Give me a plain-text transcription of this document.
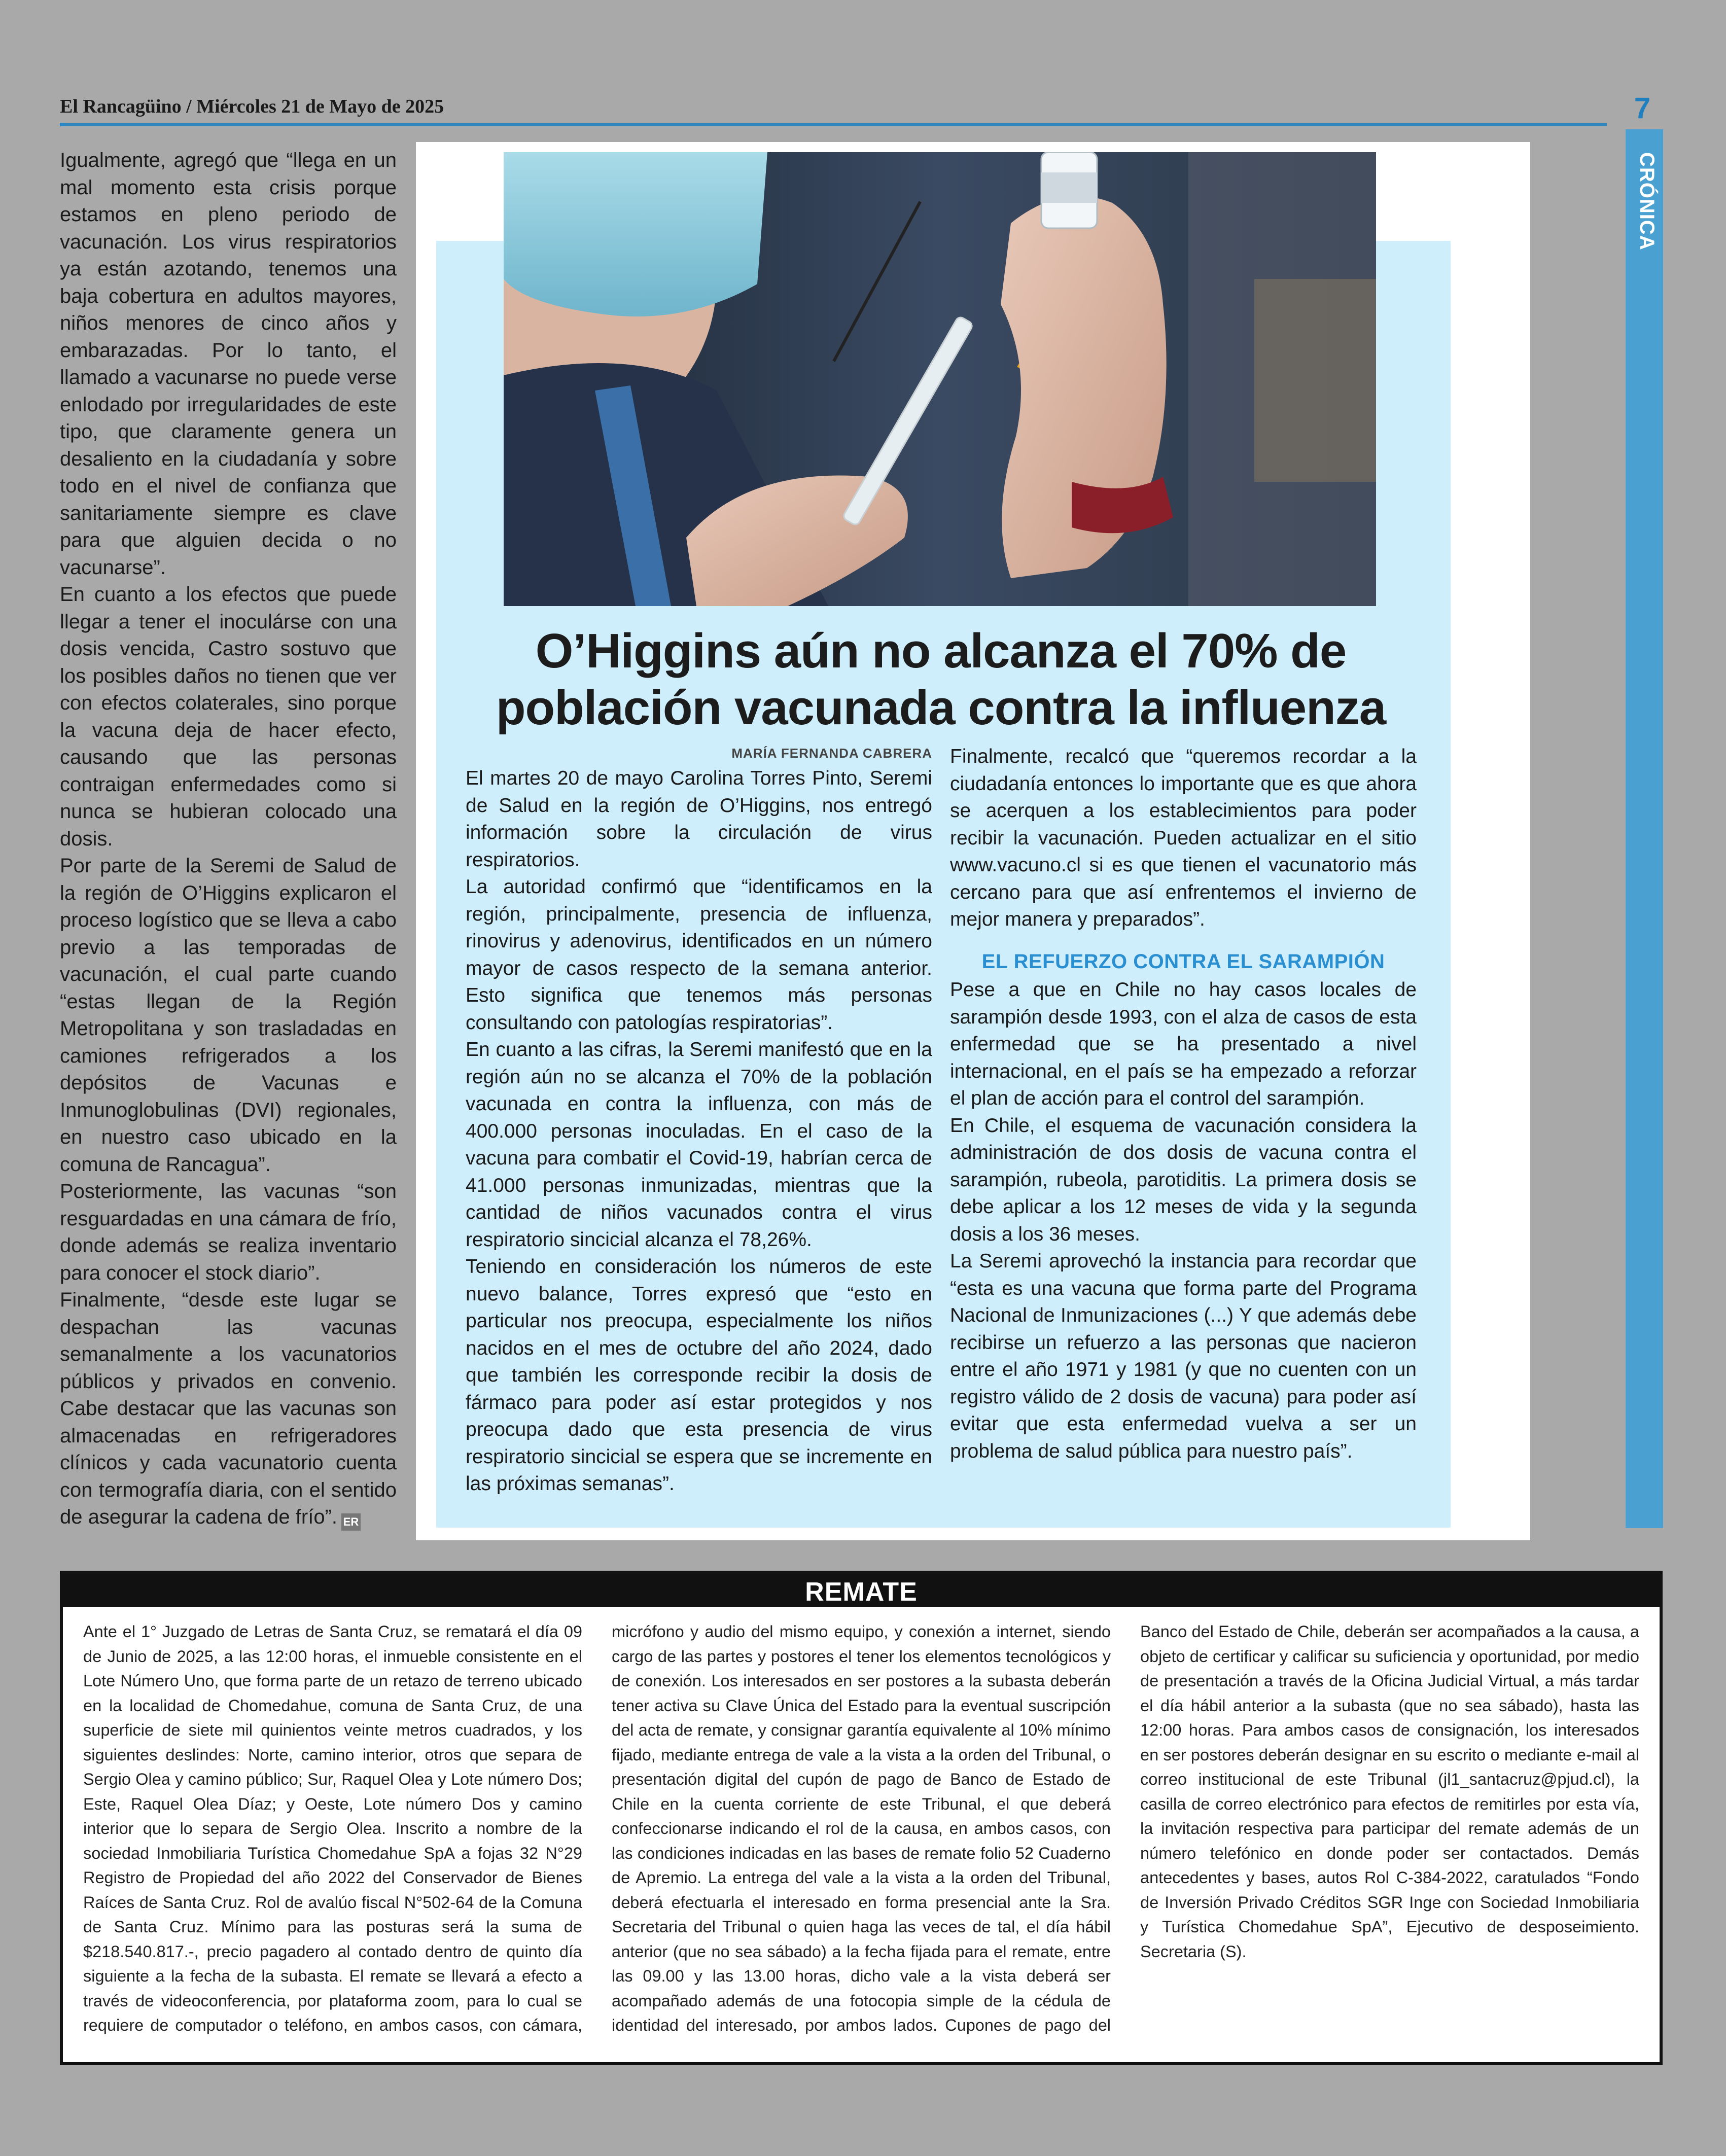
El Rancagüino / Miércoles 21 de Mayo de 2025	7
CRÓNICA

Igualmente, agregó que “llega en un mal momento esta crisis porque estamos en pleno periodo de vacunación. Los virus respiratorios ya están azotando, tenemos una baja cobertura en adultos mayores, niños menores de cinco años y embarazadas. Por lo tanto, el llamado a vacunarse no puede verse enlodado por irregularidades de este tipo, que claramente genera un desaliento en la ciudadanía y sobre todo en el nivel de confianza que sanitariamente siempre es clave para que alguien decida o no vacunarse”.

En cuanto a los efectos que puede llegar a tener el inoculárse con una dosis vencida, Castro sostuvo que los posibles daños no tienen que ver con efectos colaterales, sino porque la vacuna deja de hacer efecto, causando que las personas contraigan enfermedades como si nunca se hubieran colocado una dosis.

Por parte de la Seremi de Salud de la región de O’Higgins explicaron el proceso logístico que se lleva a cabo previo a las temporadas de vacunación, el cual parte cuando “estas llegan de la Región Metropolitana y son trasladadas en camiones refrigerados a los depósitos de Vacunas e Inmunoglobulinas (DVI) regionales, en nuestro caso ubicado en la comuna de Rancagua”.

Posteriormente, las vacunas “son resguardadas en una cámara de frío, donde además se realiza inventario para conocer el stock diario”.

Finalmente, “desde este lugar se despachan las vacunas semanalmente a los vacunatorios públicos y privados en convenio. Cabe destacar que las vacunas son almacenadas en refrigeradores clínicos y cada vacunatorio cuenta con termografía diaria, con el sentido de asegurar la cadena de frío”. ER

O’Higgins aún no alcanza el 70% de población vacunada contra la influenza
MARÍA FERNANDA CABRERA

El martes 20 de mayo Carolina Torres Pinto, Seremi de Salud en la región de O’Higgins, nos entregó información sobre la circulación de virus respiratorios.

La autoridad confirmó que “identificamos en la región, principalmente, presencia de influenza, rinovirus y adenovirus, identificados en un número mayor de casos respecto de la semana anterior. Esto significa que tenemos más personas consultando con patologías respiratorias”.

En cuanto a las cifras, la Seremi manifestó que en la región aún no se alcanza el 70% de la población vacunada en contra la influenza, con más de 400.000 personas inoculadas. En el caso de la vacuna para combatir el Covid-19, habrían cerca de 41.000 personas inmunizadas, mientras que la cantidad de niños vacunados contra el virus respiratorio sincicial alcanza el 78,26%.

Teniendo en consideración los números de este nuevo balance, Torres expresó que “esto en particular nos preocupa, especialmente los niños nacidos en el mes de octubre del año 2024, dado que también les corresponde recibir la dosis de fármaco para poder así estar protegidos y nos preocupa dado que esta presencia de virus respiratorio sincicial se espera que se incremente en las próximas semanas”.

Finalmente, recalcó que “queremos recordar a la ciudadanía entonces lo importante que es que ahora se acerquen a los establecimientos para poder recibir la vacunación. Pueden actualizar en el sitio www.vacuno.cl si es que tienen el vacunatorio más cercano para que así enfrentemos el invierno de mejor manera y preparados”.

EL REFUERZO CONTRA EL SARAMPIÓN

Pese a que en Chile no hay casos locales de sarampión desde 1993, con el alza de casos de esta enfermedad que se ha presentado a nivel internacional, en el país se ha empezado a reforzar el plan de acción para el control del sarampión.

En Chile, el esquema de vacunación considera la administración de dos dosis de vacuna contra el sarampión, rubeola, parotiditis. La primera dosis se debe aplicar a los 12 meses de vida y la segunda dosis a los 36 meses.

La Seremi aprovechó la instancia para recordar que “esta es una vacuna que forma parte del Programa Nacional de Inmunizaciones (...) Y que además debe recibirse un refuerzo a las personas que nacieron entre el año 1971 y 1981 (y que no cuenten con un registro válido de 2 dosis de vacuna) para poder así evitar que esta enfermedad vuelva a ser un problema de salud pública para nuestro país”.

REMATE

Ante el 1° Juzgado de Letras de Santa Cruz, se rematará el día 09 de Junio de 2025, a las 12:00 horas, el inmueble consistente en el Lote Número Uno, que forma parte de un retazo de terreno ubicado en la localidad de Chomedahue, comuna de Santa Cruz, de una superficie de siete mil quinientos veinte metros cuadrados, y los siguientes deslindes: Norte, camino interior, otros que separa de Sergio Olea y camino público; Sur, Raquel Olea y Lote número Dos; Este, Raquel Olea Díaz; y Oeste, Lote número Dos y camino interior que lo separa de Sergio Olea. Inscrito a nombre de la sociedad Inmobiliaria Turística Chomedahue SpA a fojas 32 N°29 Registro de Propiedad del año 2022 del Conservador de Bienes Raíces de Santa Cruz. Rol de avalúo fiscal N°502-64 de la Comuna de Santa Cruz. Mínimo para las posturas será la suma de $218.540.817.-, precio pagadero al contado dentro de quinto día siguiente a la fecha de la subasta. El remate se llevará a efecto a través de videoconferencia, por plataforma zoom, para lo cual se requiere de computador o teléfono, en ambos casos, con cámara, micrófono y audio del mismo equipo, y conexión a internet, siendo cargo de las partes y postores el tener los elementos tecnológicos y de conexión. Los interesados en ser postores a la subasta deberán tener activa su Clave Única del Estado para la eventual suscripción del acta de remate, y consignar garantía equivalente al 10% mínimo fijado, mediante entrega de vale a la vista a la orden del Tribunal, o presentación digital del cupón de pago de Banco de Estado de Chile en la cuenta corriente de este Tribunal, el que deberá confeccionarse indicando el rol de la causa, en ambos casos, con las condiciones indicadas en las bases de remate folio 52 Cuaderno de Apremio. La entrega del vale a la vista a la orden del Tribunal, deberá efectuarla el interesado en forma presencial ante la Sra. Secretaria del Tribunal o quien haga las veces de tal, el día hábil anterior (que no sea sábado) a la fecha fijada para el remate, entre las 09.00 y las 13.00 horas, dicho vale a la vista deberá ser acompañado además de una fotocopia simple de la cédula de identidad del interesado, por ambos lados. Cupones de pago del Banco del Estado de Chile, deberán ser acompañados a la causa, a objeto de certificar y calificar su suficiencia y oportunidad, por medio de presentación a través de la Oficina Judicial Virtual, a más tardar el día hábil anterior a la subasta (que no sea sábado), hasta las 12:00 horas. Para ambos casos de consignación, los interesados en ser postores deberán designar en su escrito o mediante e-mail al correo institucional de este Tribunal (jl1_santacruz@pjud.cl), la casilla de correo electrónico para efectos de remitirles por esta vía, la invitación respectiva para participar del remate además de un número telefónico en donde poder ser contactados. Demás antecedentes y bases, autos Rol C-384-2022, caratulados “Fondo de Inversión Privado Créditos SGR Inge con Sociedad Inmobiliaria y Turística Chomedahue SpA”, Ejecutivo de desposeimiento. Secretaria (S).
